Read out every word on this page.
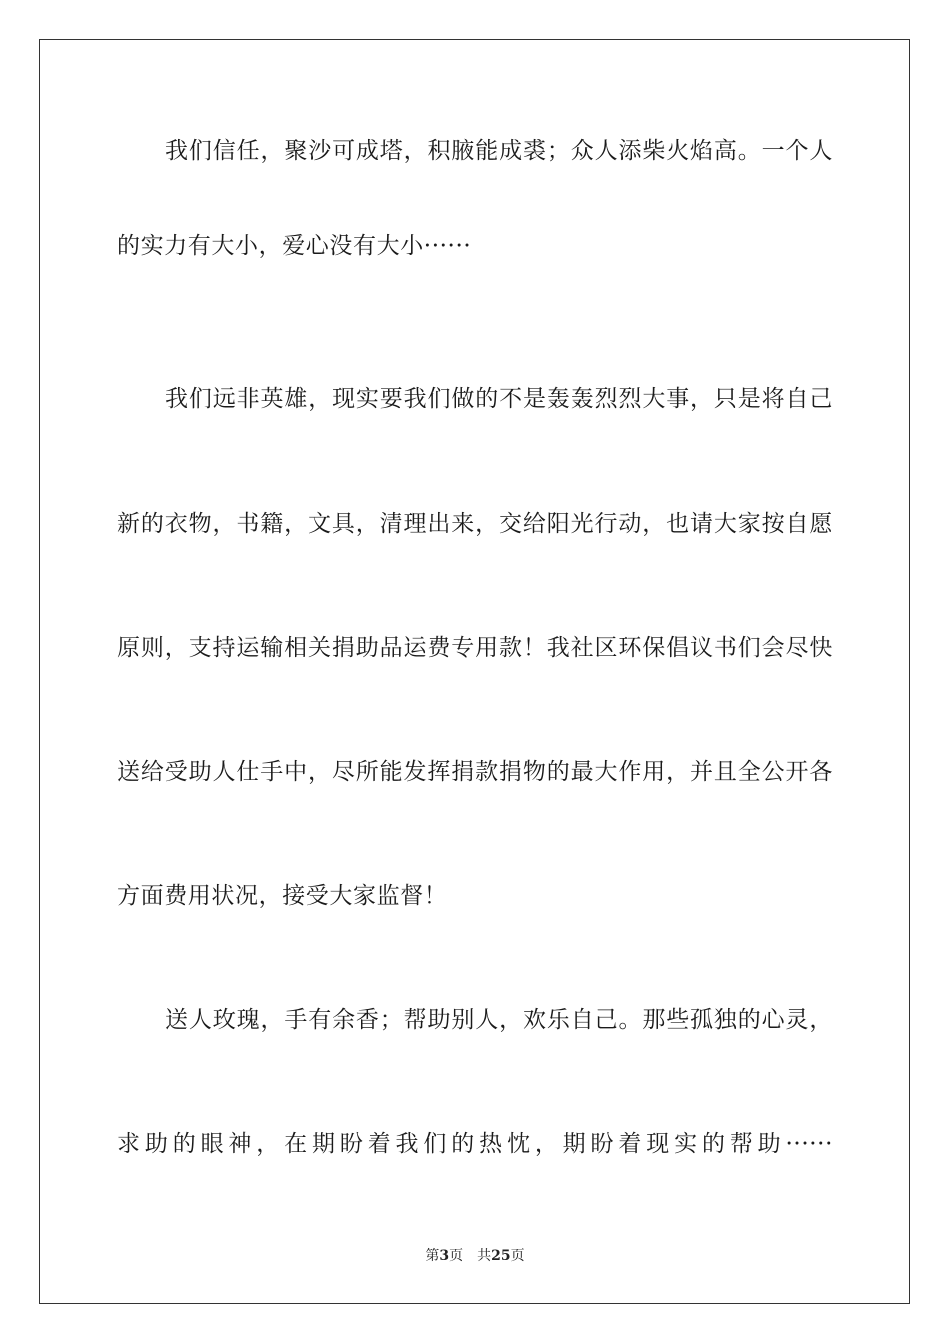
我们信任，聚沙可成塔，积腋能成裘；众人添柴火焰高。一个人
的实力有大小，爱心没有大小······
我们远非英雄，现实要我们做的不是轰轰烈烈大事，只是将自己
新的衣物，书籍，文具，清理出来，交给阳光行动，也请大家按自愿
原则，支持运输相关捐助品运费专用款！我社区环保倡议书们会尽快
送给受助人仕手中，尽所能发挥捐款捐物的最大作用，并且全公开各
方面费用状况，接受大家监督！
送人玫瑰，手有余香；帮助别人，欢乐自己。那些孤独的心灵，
求助的眼神，在期盼着我们的热忱，期盼着现实的帮助······
第3页 共25页
